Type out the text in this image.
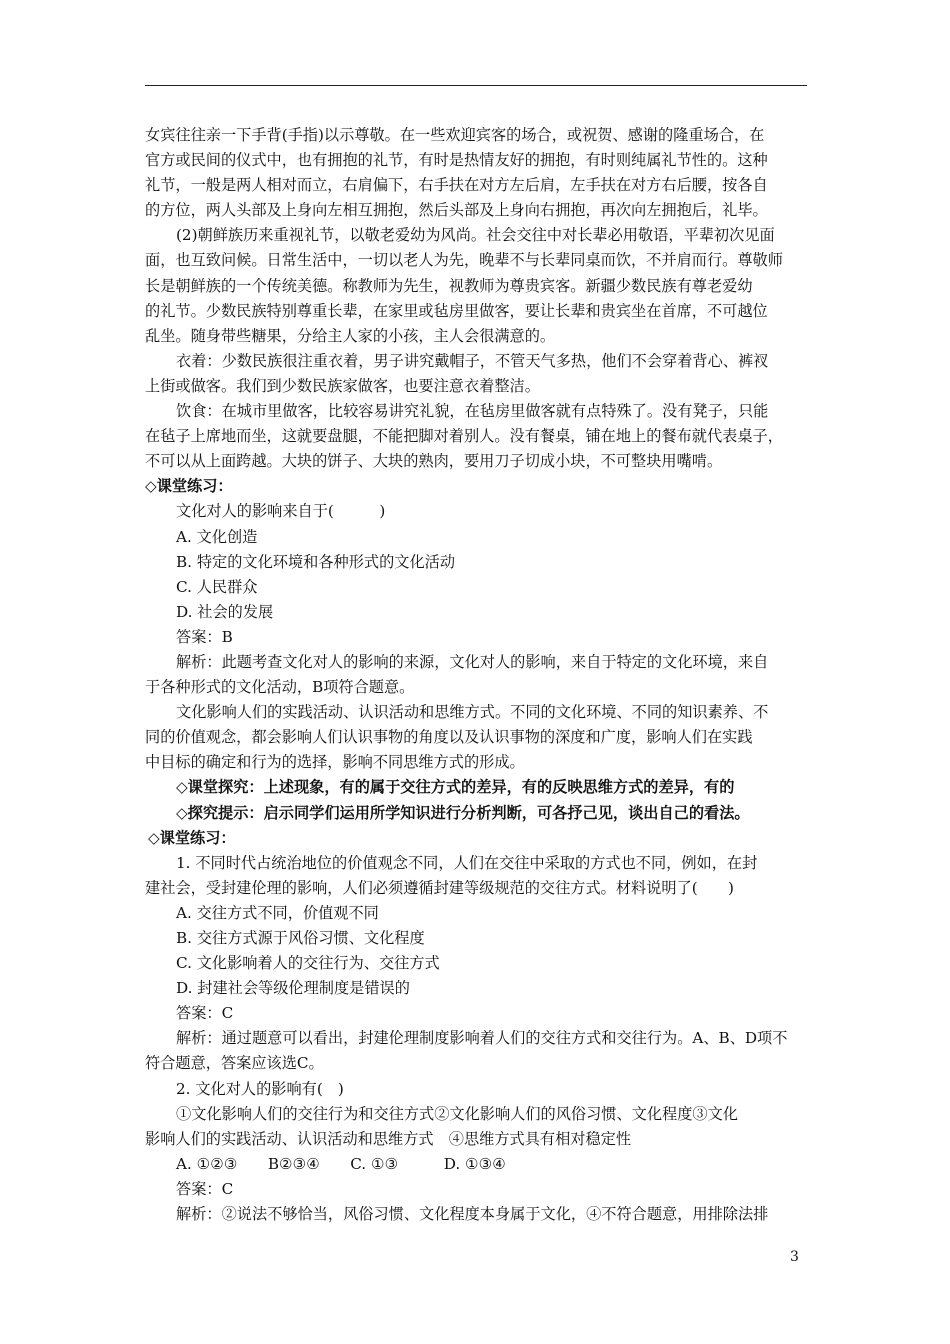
女宾往往亲一下手背(手指)以示尊敬。在一些欢迎宾客的场合，或祝贺、感谢的隆重场合，在

官方或民间的仪式中，也有拥抱的礼节，有时是热情友好的拥抱，有时则纯属礼节性的。这种

礼节，一般是两人相对而立，右肩偏下，右手扶在对方左后肩，左手扶在对方右后腰，按各自

的方位，两人头部及上身向左相互拥抱，然后头部及上身向右拥抱，再次向左拥抱后，礼毕。

(2)朝鲜族历来重视礼节，以敬老爱幼为风尚。社会交往中对长辈必用敬语，平辈初次见面

面，也互致问候。日常生活中，一切以老人为先，晚辈不与长辈同桌而饮，不并肩而行。尊敬师

长是朝鲜族的一个传统美德。称教师为先生，视教师为尊贵宾客。新疆少数民族有尊老爱幼

的礼节。少数民族特别尊重长辈，在家里或毡房里做客，要让长辈和贵宾坐在首席，不可越位

乱坐。随身带些糖果，分给主人家的小孩，主人会很满意的。

衣着：少数民族很注重衣着，男子讲究戴帽子，不管天气多热，他们不会穿着背心、裤衩

上街或做客。我们到少数民族家做客，也要注意衣着整洁。

饮食：在城市里做客，比较容易讲究礼貌，在毡房里做客就有点特殊了。没有凳子，只能

在毡子上席地而坐，这就要盘腿，不能把脚对着别人。没有餐桌，铺在地上的餐布就代表桌子，

不可以从上面跨越。大块的饼子、大块的熟肉，要用刀子切成小块，不可整块用嘴啃。

◇课堂练习：

文化对人的影响来自于(　　　)

A. 文化创造

B. 特定的文化环境和各种形式的文化活动

C. 人民群众

D. 社会的发展

答案：B

解析：此题考查文化对人的影响的来源，文化对人的影响，来自于特定的文化环境，来自

于各种形式的文化活动，B项符合题意。

文化影响人们的实践活动、认识活动和思维方式。不同的文化环境、不同的知识素养、不

同的价值观念，都会影响人们认识事物的角度以及认识事物的深度和广度，影响人们在实践

中目标的确定和行为的选择，影响不同思维方式的形成。

◇课堂探究：上述现象，有的属于交往方式的差异，有的反映思维方式的差异，有的

◇探究提示：启示同学们运用所学知识进行分析判断，可各抒己见，谈出自己的看法。

◇课堂练习：

1. 不同时代占统治地位的价值观念不同，人们在交往中采取的方式也不同，例如，在封

建社会，受封建伦理的影响，人们必须遵循封建等级规范的交往方式。材料说明了(　　)

A. 交往方式不同，价值观不同

B. 交往方式源于风俗习惯、文化程度

C. 文化影响着人的交往行为、交往方式

D. 封建社会等级伦理制度是错误的

答案：C

解析：通过题意可以看出，封建伦理制度影响着人们的交往方式和交往行为。A、B、D项不

符合题意，答案应该选C。

2. 文化对人的影响有(　)

①文化影响人们的交往行为和交往方式②文化影响人们的风俗习惯、文化程度③文化

影响人们的实践活动、认识活动和思维方式　④思维方式具有相对稳定性

A. ①②③　　B②③④　　C. ①③　　　D. ①③④

答案：C

解析：②说法不够恰当，风俗习惯、文化程度本身属于文化，④不符合题意，用排除法排

3
